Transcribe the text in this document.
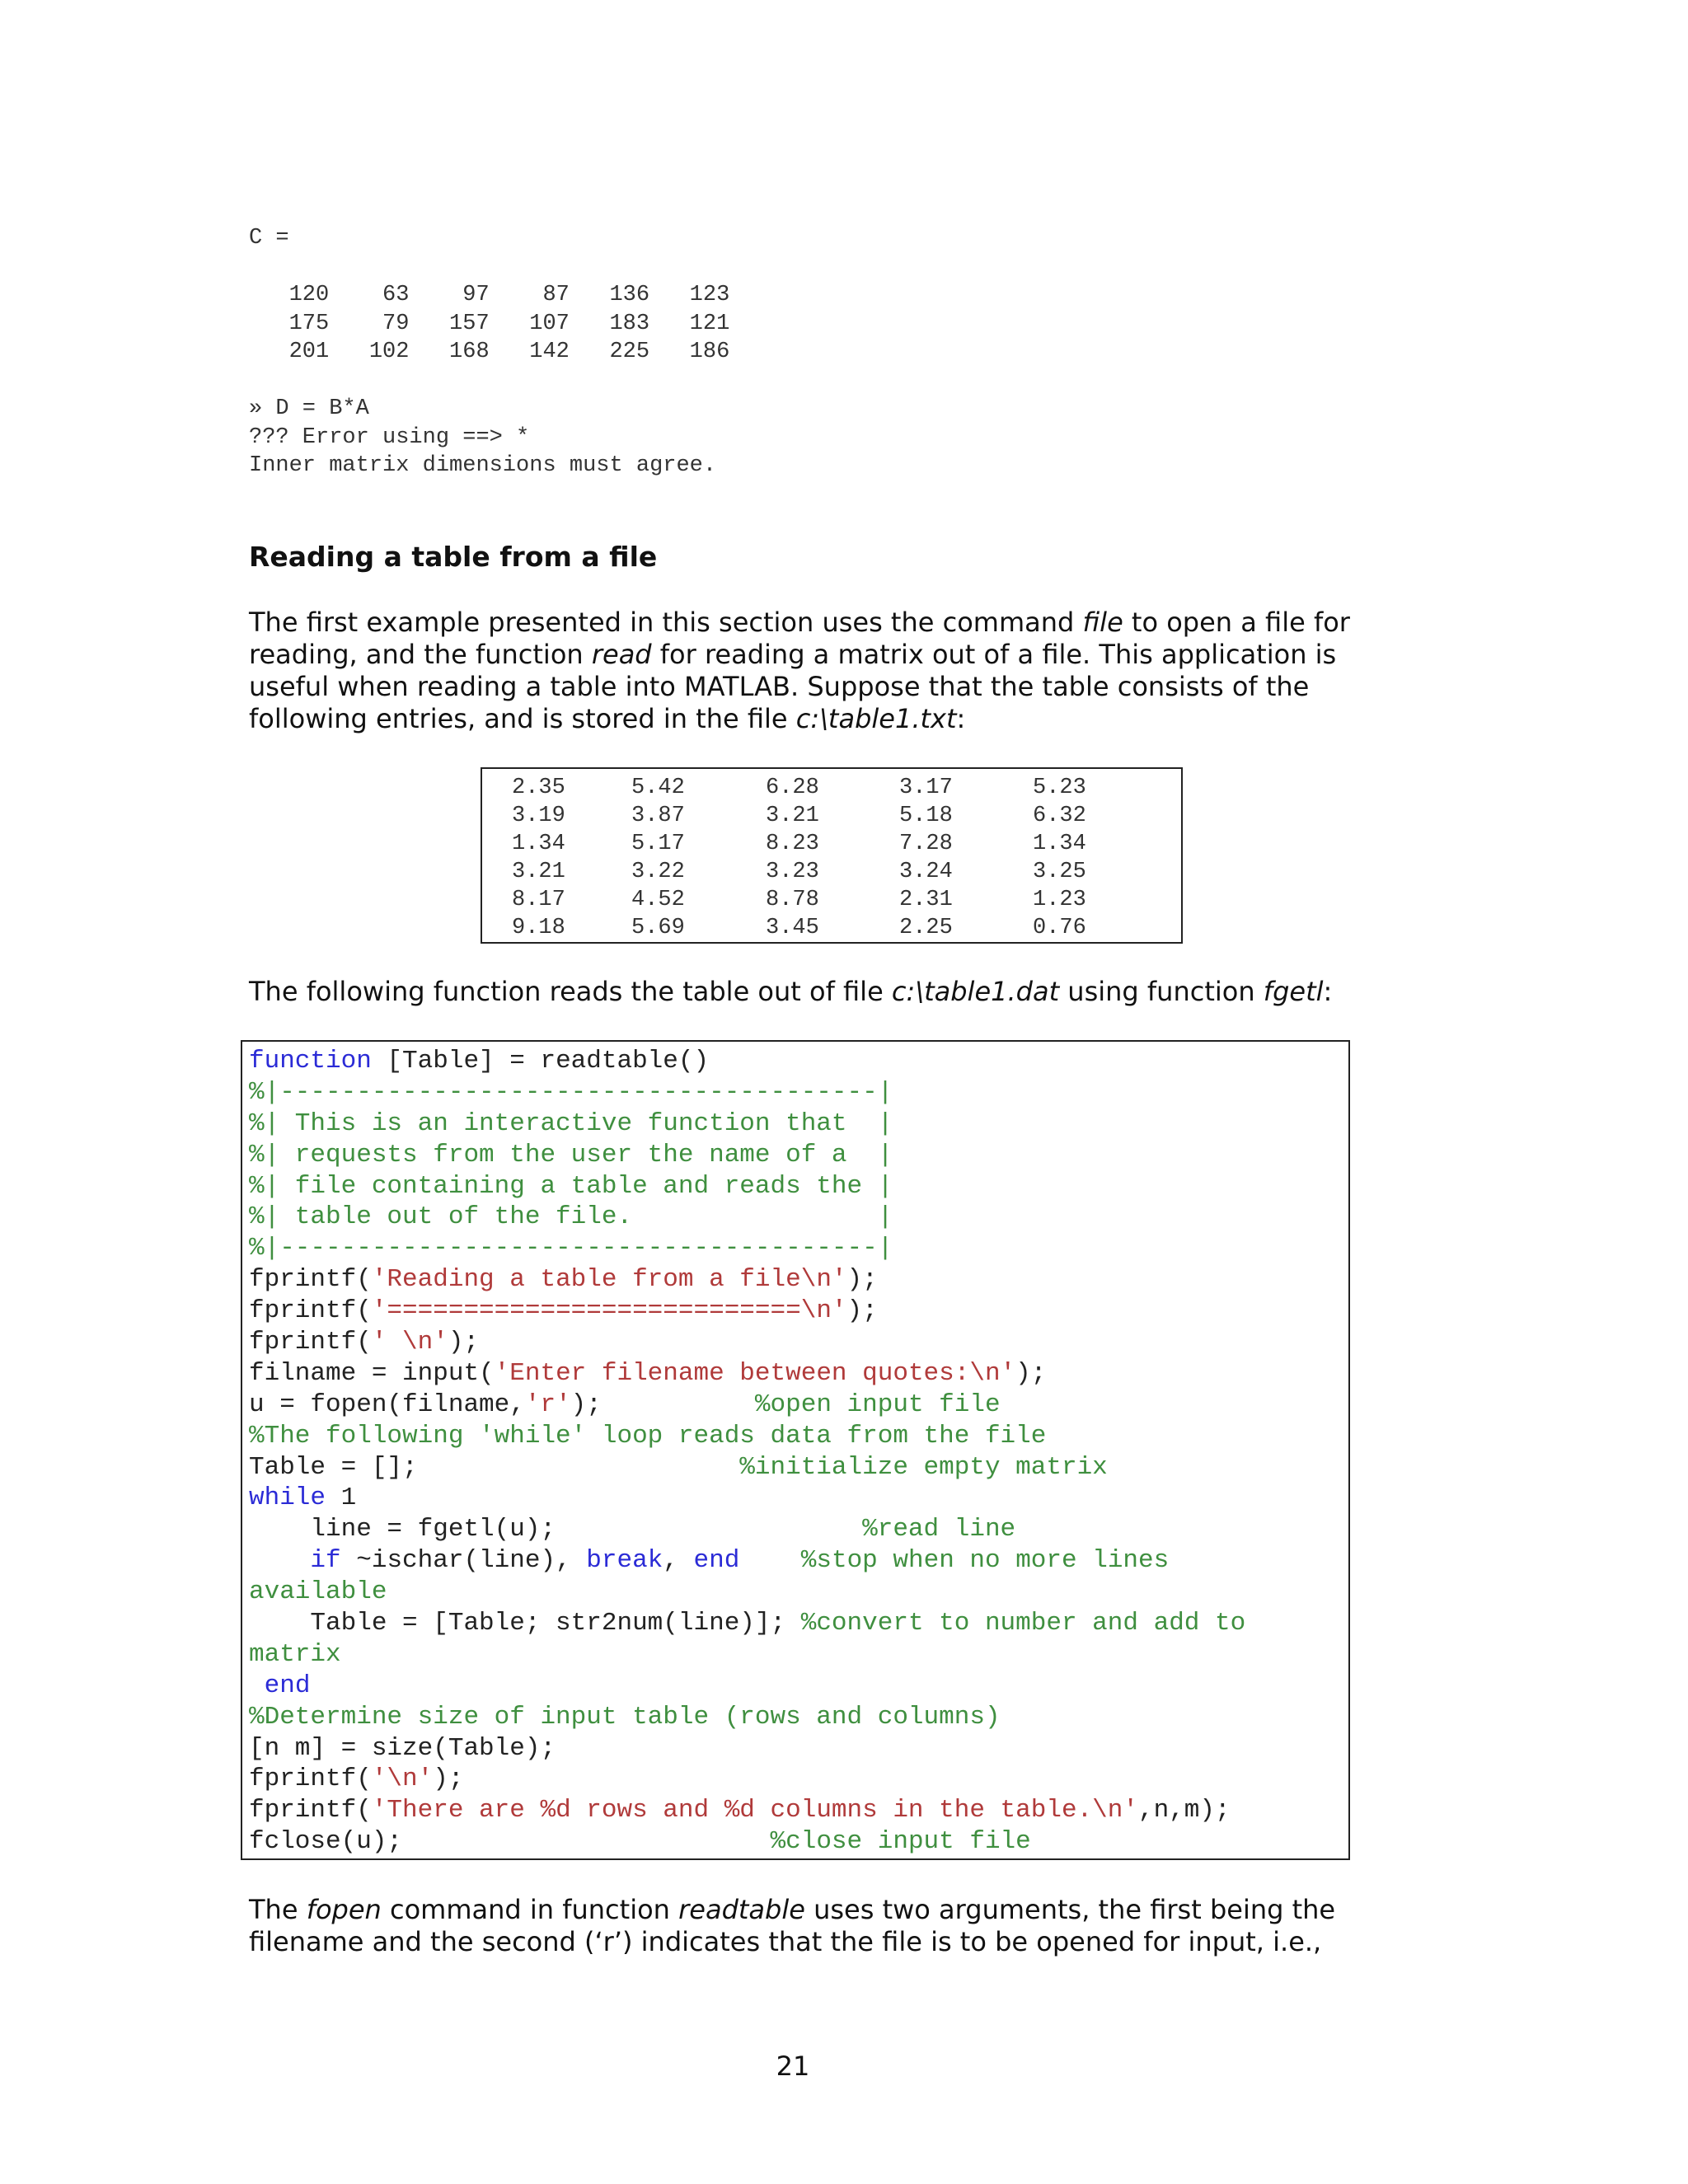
C =
120    63    97    87   136   123
175    79   157   107   183   121
201   102   168   142   225   186
» D = B*A
??? Error using ==> *
Inner matrix dimensions must agree.
Reading a table from a file
The first example presented in this section uses the command file to open a file for reading, and the function read for reading a matrix out of a file. This application is useful when reading a table into MATLAB. Suppose that the table consists of the following entries, and is stored in the file c:\table1.txt:
2.35	5.42	6.28	3.17	5.23
3.19	3.87	3.21	5.18	6.32
1.34	5.17	8.23	7.28	1.34
3.21	3.22	3.23	3.24	3.25
8.17	4.52	8.78	2.31	1.23
9.18	5.69	3.45	2.25	0.76
The following function reads the table out of file c:\table1.dat using function fgetl:
function [Table] = readtable()
%|---------------------------------------|
%| This is an interactive function that  |
%| requests from the user the name of a  |
%| file containing a table and reads the |
%| table out of the file.                |
%|---------------------------------------|
fprintf('Reading a table from a file\n');
fprintf('===========================\n');
fprintf(' \n');
filname = input('Enter filename between quotes:\n');
u = fopen(filname,'r');          %open input file
%The following 'while' loop reads data from the file
Table = [];                     %initialize empty matrix
while 1
line = fgetl(u);                    %read line
if ~ischar(line), break, end %stop when no more lines
available
Table = [Table; str2num(line)]; %convert to number and add to
matrix
end
%Determine size of input table (rows and columns)
[n m] = size(Table);
fprintf('\n');
fprintf('There are %d rows and %d columns in the table.\n',n,m);
fclose(u);                        %close input file
The fopen command in function readtable uses two arguments, the first being the filename and the second (‘r’) indicates that the file is to be opened for input, i.e.,
21
